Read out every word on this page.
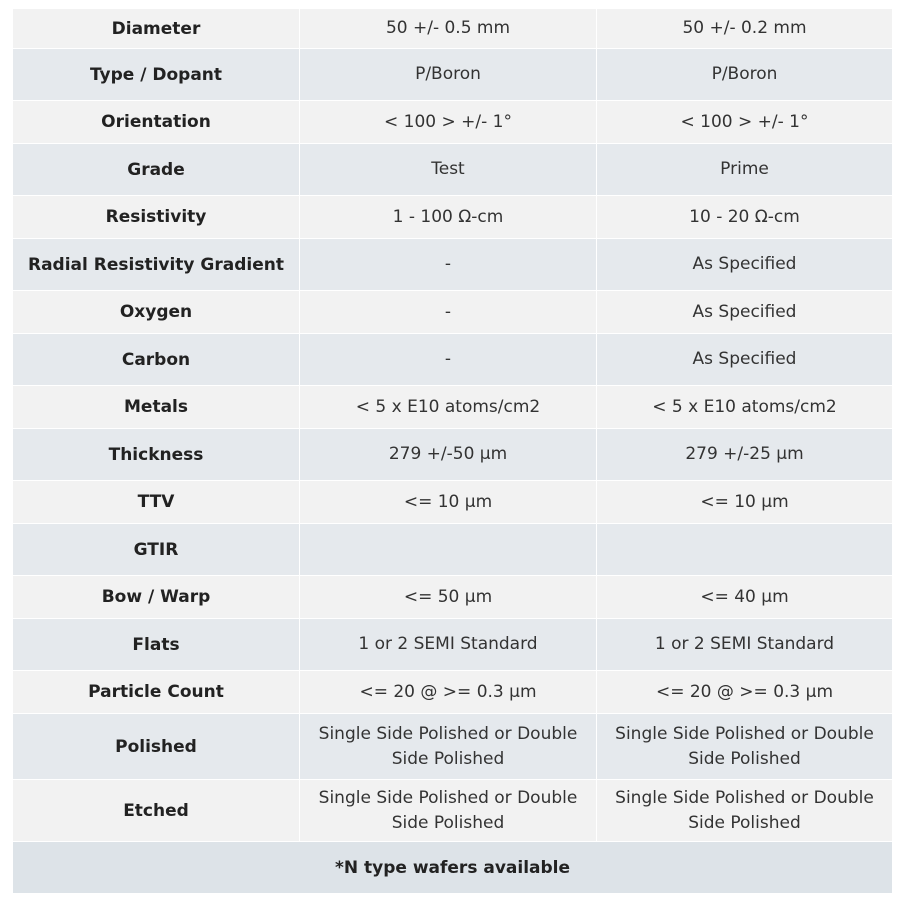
Diameter	50 +/- 0.5 mm	50 +/- 0.2 mm
Type / Dopant	P/Boron	P/Boron
Orientation	< 100 > +/- 1°	< 100 > +/- 1°
Grade	Test	Prime
Resistivity	1 - 100 Ω-cm	10 - 20 Ω-cm
Radial Resistivity Gradient	-	As Specified
Oxygen	-	As Specified
Carbon	-	As Specified
Metals	< 5 x E10 atoms/cm2	< 5 x E10 atoms/cm2
Thickness	279 +/-50 µm	279 +/-25 µm
TTV	<= 10 µm	<= 10 µm
GTIR		
Bow / Warp	<= 50 µm	<= 40 µm
Flats	1 or 2 SEMI Standard	1 or 2 SEMI Standard
Particle Count	<= 20 @ >= 0.3 µm	<= 20 @ >= 0.3 µm
Polished	Single Side Polished or Double Side Polished	Single Side Polished or Double Side Polished
Etched	Single Side Polished or Double Side Polished	Single Side Polished or Double Side Polished
*N type wafers available		
